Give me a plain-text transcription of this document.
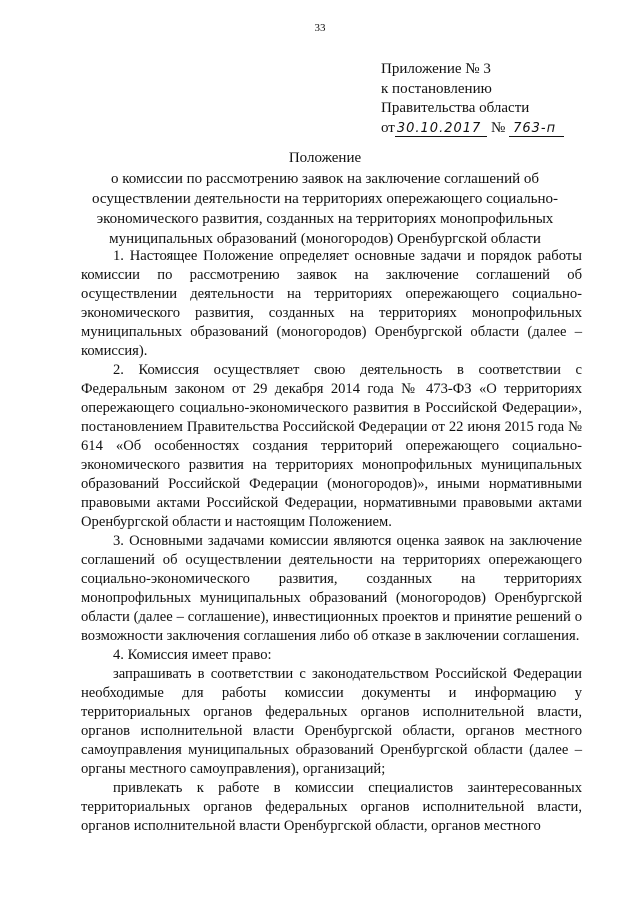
33
Приложение № 3
к постановлению
Правительства области
от 30.10.2017 № 763-п
Положение
о комиссии по рассмотрению заявок на заключение соглашений об осуществлении деятельности на территориях опережающего социально-экономического развития, созданных на территориях монопрофильных муниципальных образований (моногородов) Оренбургской области

1. Настоящее Положение определяет основные задачи и порядок работы комиссии по рассмотрению заявок на заключение соглашений об осуществлении деятельности на территориях опережающего социально-экономического развития, созданных на территориях монопрофильных муниципальных образований (моногородов) Оренбургской области (далее – комиссия).

2. Комиссия осуществляет свою деятельность в соответствии с Федеральным законом от 29 декабря 2014 года № 473-ФЗ «О территориях опережающего социально-экономического развития в Российской Федерации», постановлением Правительства Российской Федерации от 22 июня 2015 года № 614 «Об особенностях создания территорий опережающего социально-экономического развития на территориях монопрофильных муниципальных образований Российской Федерации (моногородов)», иными нормативными правовыми актами Российской Федерации, нормативными правовыми актами Оренбургской области и настоящим Положением.

3. Основными задачами комиссии являются оценка заявок на заключение соглашений об осуществлении деятельности на территориях опережающего социально-экономического развития, созданных на территориях монопрофильных муниципальных образований (моногородов) Оренбургской области (далее – соглашение), инвестиционных проектов и принятие решений о возможности заключения соглашения либо об отказе в заключении соглашения.

4. Комиссия имеет право:

запрашивать в соответствии с законодательством Российской Федерации необходимые для работы комиссии документы и информацию у территориальных органов федеральных органов исполнительной власти, органов исполнительной власти Оренбургской области, органов местного самоуправления муниципальных образований Оренбургской области (далее – органы местного самоуправления), организаций;

привлекать к работе в комиссии специалистов заинтересованных территориальных органов федеральных органов исполнительной власти, органов исполнительной власти Оренбургской области, органов местного
